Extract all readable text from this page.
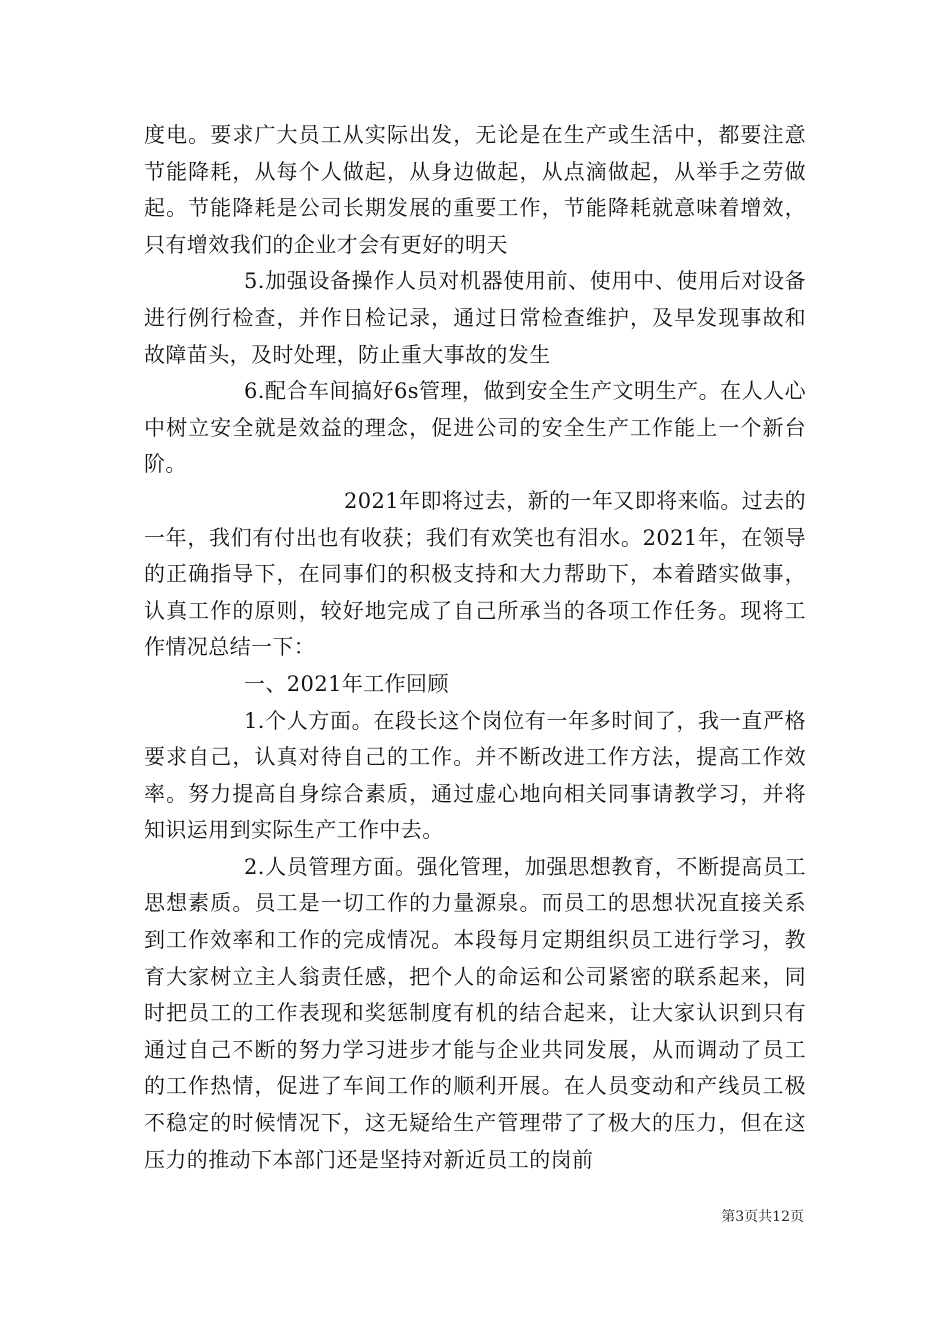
度电。要求广大员工从实际出发，无论是在生产或生活中，都要注意节能降耗，从每个人做起，从身边做起，从点滴做起，从举手之劳做起。节能降耗是公司长期发展的重要工作，节能降耗就意味着增效，只有增效我们的企业才会有更好的明天

5.加强设备操作人员对机器使用前、使用中、使用后对设备进行例行检查，并作日检记录，通过日常检查维护，及早发现事故和故障苗头，及时处理，防止重大事故的发生

6.配合车间搞好6s管理，做到安全生产文明生产。在人人心中树立安全就是效益的理念，促进公司的安全生产工作能上一个新台阶。

2021年即将过去，新的一年又即将来临。过去的一年，我们有付出也有收获；我们有欢笑也有泪水。2021年，在领导的正确指导下，在同事们的积极支持和大力帮助下，本着踏实做事，认真工作的原则，较好地完成了自己所承当的各项工作任务。现将工作情况总结一下：

一、2021年工作回顾

1.个人方面。在段长这个岗位有一年多时间了，我一直严格要求自己，认真对待自己的工作。并不断改进工作方法，提高工作效率。努力提高自身综合素质，通过虚心地向相关同事请教学习，并将知识运用到实际生产工作中去。

2.人员管理方面。强化管理，加强思想教育，不断提高员工思想素质。员工是一切工作的力量源泉。而员工的思想状况直接关系到工作效率和工作的完成情况。本段每月定期组织员工进行学习，教育大家树立主人翁责任感，把个人的命运和公司紧密的联系起来，同时把员工的工作表现和奖惩制度有机的结合起来，让大家认识到只有通过自己不断的努力学习进步才能与企业共同发展，从而调动了员工的工作热情，促进了车间工作的顺利开展。在人员变动和产线员工极不稳定的时候情况下，这无疑给生产管理带了了极大的压力，但在这压力的推动下本部门还是坚持对新近员工的岗前

第3页共12页
